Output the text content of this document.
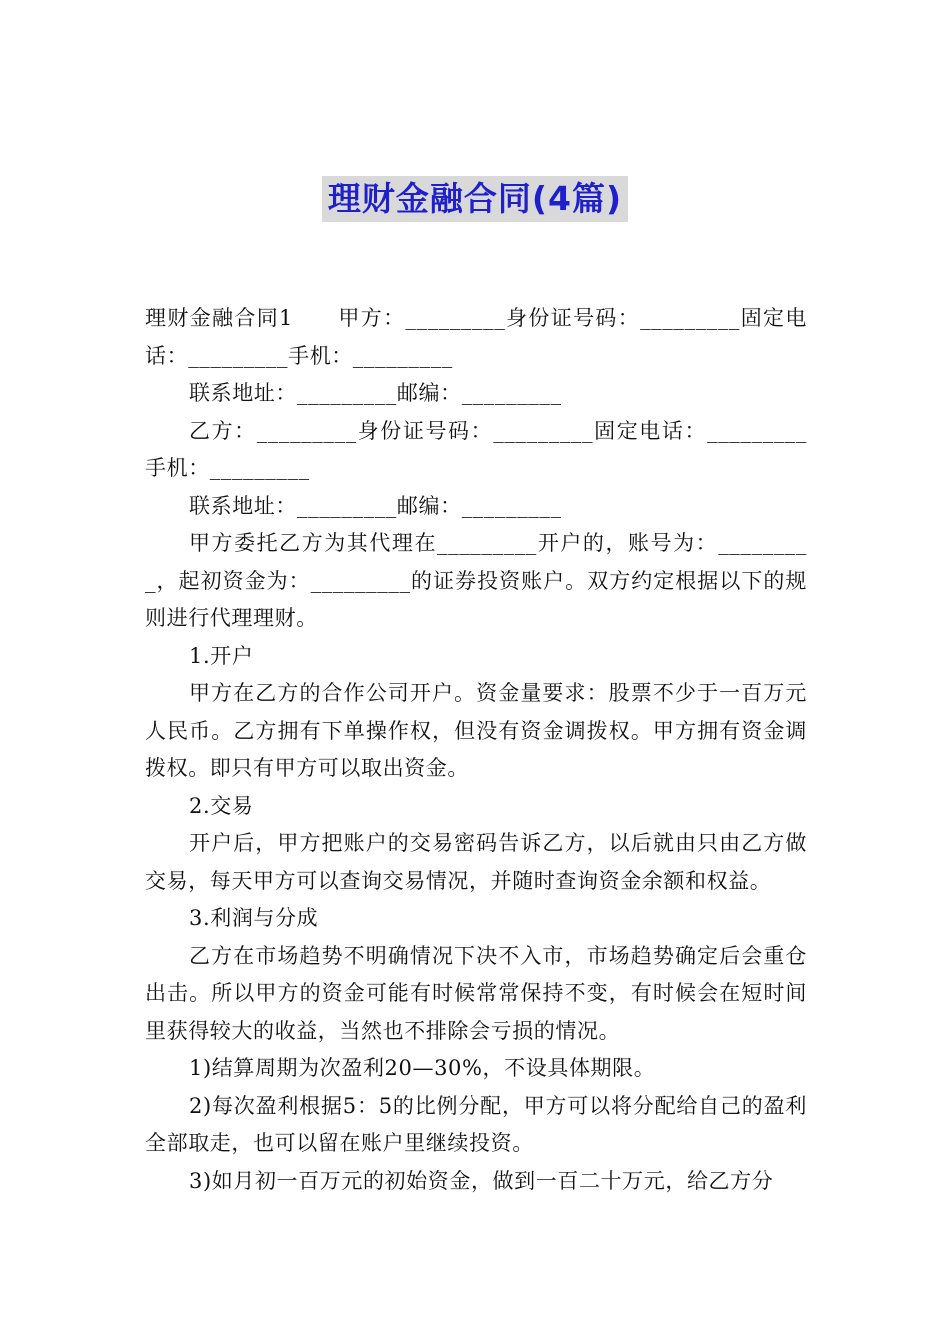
理财金融合同(4篇)

理财金融合同1　　甲方：_________身份证号码：_________固定电话：_________手机：_________

联系地址：_________邮编：_________

乙方：_________身份证号码：_________固定电话：_________手机：_________

联系地址：_________邮编：_________

甲方委托乙方为其代理在_________开户的，账号为：_________，起初资金为：_________的证券投资账户。双方约定根据以下的规则进行代理理财。

1.开户

甲方在乙方的合作公司开户。资金量要求：股票不少于一百万元人民币。乙方拥有下单操作权，但没有资金调拨权。甲方拥有资金调拨权。即只有甲方可以取出资金。

2.交易

开户后，甲方把账户的交易密码告诉乙方，以后就由只由乙方做交易，每天甲方可以查询交易情况，并随时查询资金余额和权益。

3.利润与分成

乙方在市场趋势不明确情况下决不入市，市场趋势确定后会重仓出击。所以甲方的资金可能有时候常常保持不变，有时候会在短时间里获得较大的收益，当然也不排除会亏损的情况。

1)结算周期为次盈利20—30%，不设具体期限。

2)每次盈利根据5：5的比例分配，甲方可以将分配给自己的盈利全部取走，也可以留在账户里继续投资。

3)如月初一百万元的初始资金，做到一百二十万元，给乙方分
